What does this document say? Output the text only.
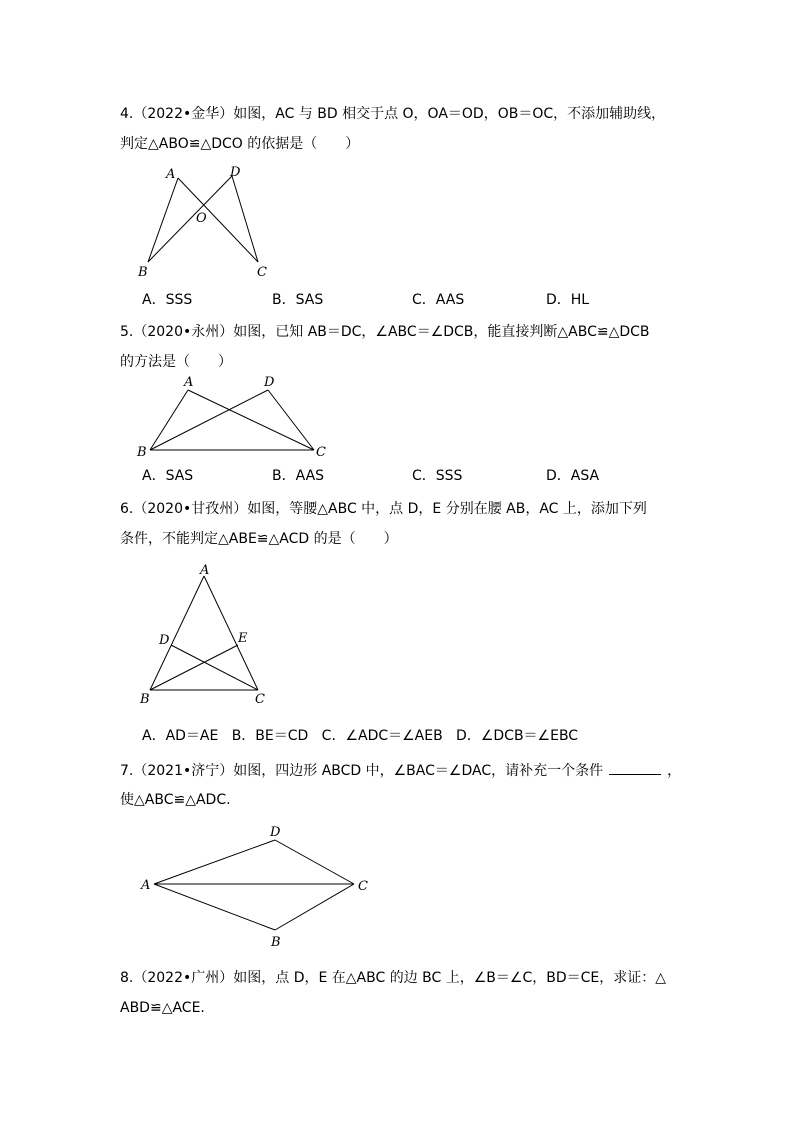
4.（2022•金华）如图，AC 与 BD 相交于点 O，OA＝OD，OB＝OC，不添加辅助线，
判定△ABO≌△DCO 的依据是（　　）
A	D
O
B	C
A．SSS	B．SAS	C．AAS	D．HL
5.（2020•永州）如图，已知 AB＝DC，∠ABC＝∠DCB，能直接判断△ABC≌△DCB
的方法是（　　）
A	D
B	C
A．SAS	B．AAS	C．SSS	D．ASA
6.（2020•甘孜州）如图，等腰△ABC 中，点 D，E 分别在腰 AB，AC 上，添加下列
条件，不能判定△ABE≌△ACD 的是（　　）
A
D	E
B	C
A．AD＝AE   B．BE＝CD   C．∠ADC＝∠AEB   D．∠DCB＝∠EBC
7.（2021•济宁）如图，四边形 ABCD 中，∠BAC＝∠DAC，请补充一个条件	，
使△ABC≌△ADC.
D
A	C
B
8.（2022•广州）如图，点 D，E 在△ABC 的边 BC 上，∠B＝∠C，BD＝CE，求证：△
ABD≌△ACE.
